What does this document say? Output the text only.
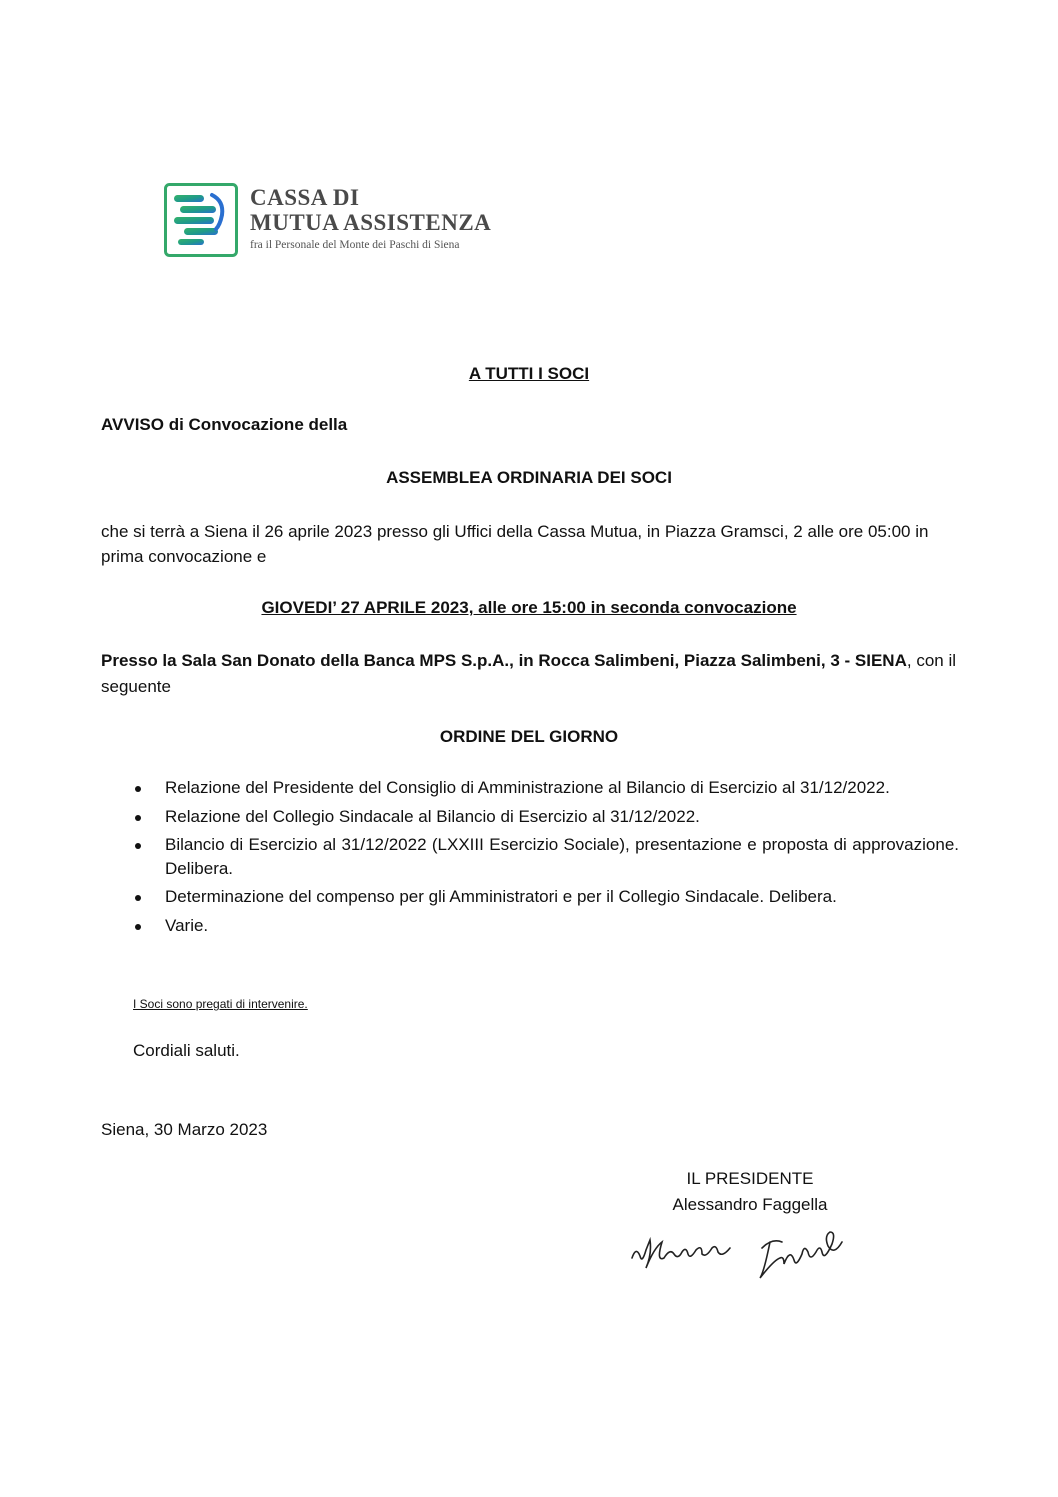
CASSA DI
MUTUA ASSISTENZA
fra il Personale del Monte dei Paschi di Siena
A TUTTI I SOCI
AVVISO di Convocazione della
ASSEMBLEA ORDINARIA DEI SOCI
che si terrà a Siena il 26 aprile 2023 presso gli Uffici della Cassa Mutua, in Piazza Gramsci, 2 alle ore 05:00 in prima convocazione e
GIOVEDI’ 27 APRILE 2023, alle ore 15:00 in seconda convocazione
Presso la Sala San Donato della Banca MPS S.p.A., in Rocca Salimbeni, Piazza Salimbeni, 3 - SIENA, con il seguente
ORDINE DEL GIORNO
Relazione del Presidente del Consiglio di Amministrazione al Bilancio di Esercizio al 31/12/2022.
Relazione del Collegio Sindacale al Bilancio di Esercizio al 31/12/2022.
Bilancio di Esercizio al 31/12/2022 (LXXIII Esercizio Sociale), presentazione e proposta di approvazione. Delibera.
Determinazione del compenso per gli Amministratori e per il Collegio Sindacale. Delibera.
Varie.
I Soci sono pregati di intervenire.
Cordiali saluti.
Siena, 30 Marzo 2023
IL PRESIDENTE
Alessandro Faggella
